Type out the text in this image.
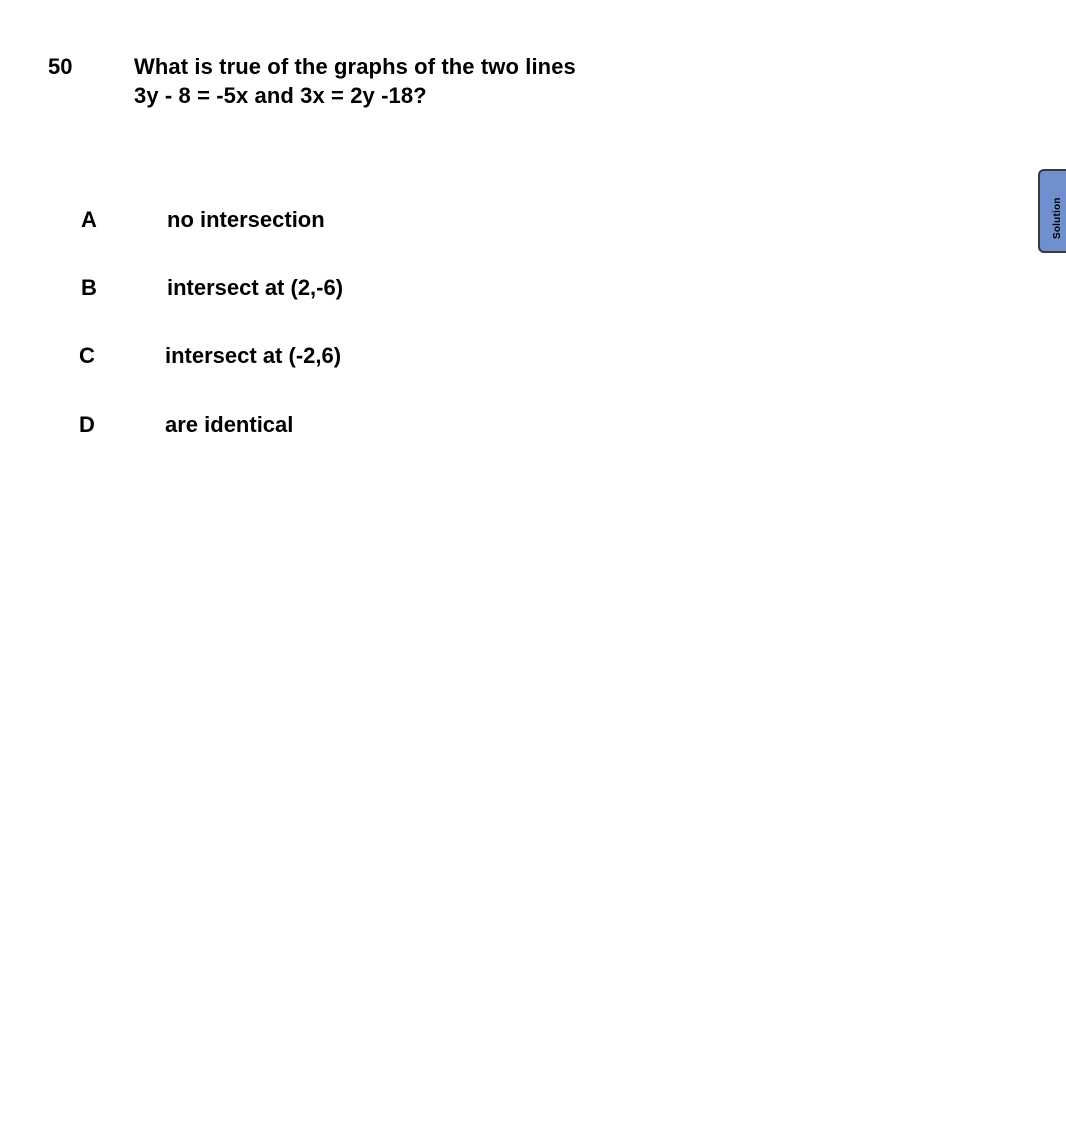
50	What is true of the graphs of the two lines
3y - 8 = -5x and 3x = 2y -18?

A

	no intersection

B

	intersect at (2,-6)

C

	intersect at (-2,6)

D

	are identical

Solution
